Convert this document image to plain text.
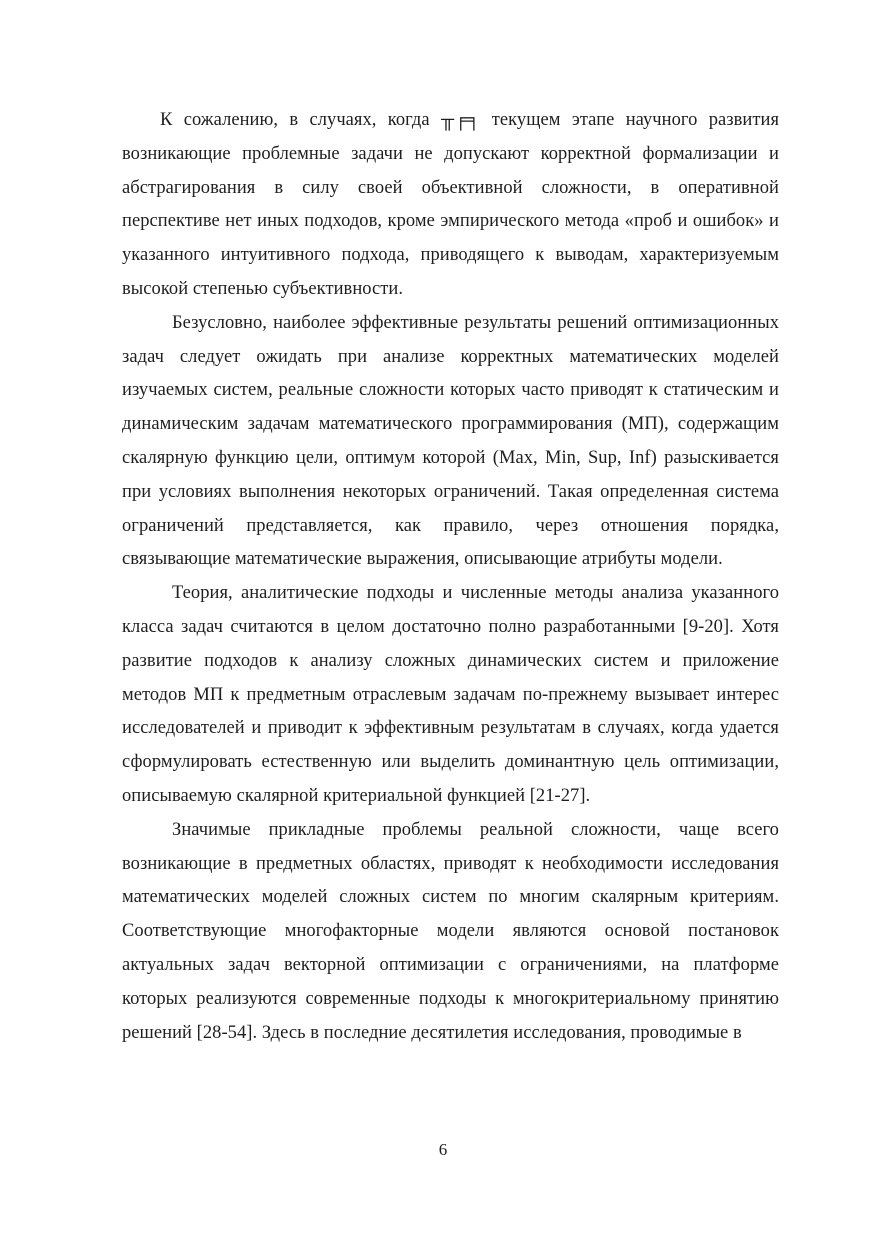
К сожалению, в случаях, когда ╥╒╕ текущем этапе научного развития возникающие проблемные задачи не допускают корректной формализации и абстрагирования в силу своей объективной сложности, в оперативной перспективе нет иных подходов, кроме эмпирического метода «проб и ошибок» и указанного интуитивного подхода, приводящего к выводам, характеризуемым высокой степенью субъективности.

Безусловно, наиболее эффективные результаты решений оптимизационных задач следует ожидать при анализе корректных математических моделей изучаемых систем, реальные сложности которых часто приводят к статическим и динамическим задачам математического программирования (МП), содержащим скалярную функцию цели, оптимум которой (Max, Min, Sup, Inf) разыскивается при условиях выполнения некоторых ограничений. Такая определенная система ограничений представляется, как правило, через отношения порядка, связывающие математические выражения, описывающие атрибуты модели.

Теория, аналитические подходы и численные методы анализа указанного класса задач считаются в целом достаточно полно разработанными [9-20]. Хотя развитие подходов к анализу сложных динамических систем и приложение методов МП к предметным отраслевым задачам по-прежнему вызывает интерес исследователей и приводит к эффективным результатам в случаях, когда удается сформулировать естественную или выделить доминантную цель оптимизации, описываемую скалярной критериальной функцией [21-27].

Значимые прикладные проблемы реальной сложности, чаще всего возникающие в предметных областях, приводят к необходимости исследования математических моделей сложных систем по многим скалярным критериям. Соответствующие многофакторные модели являются основой постановок актуальных задач векторной оптимизации с ограничениями, на платформе которых реализуются современные подходы к многокритериальному принятию решений [28-54]. Здесь в последние десятилетия исследования, проводимые в

6
